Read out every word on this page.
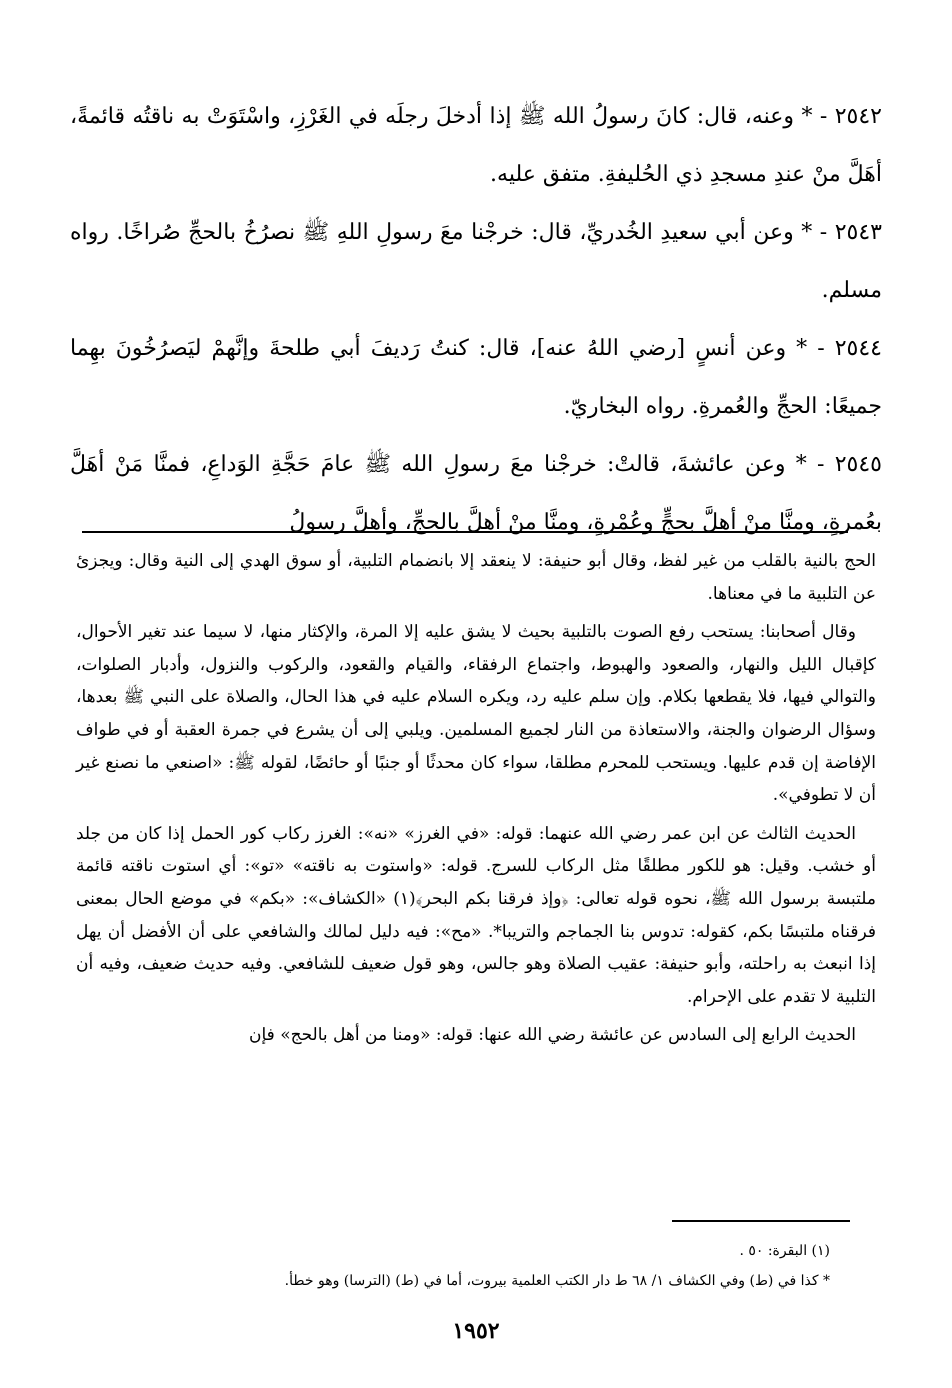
٢٥٤٢ - * وعنه، قال: كانَ رسولُ الله ﷺ إذا أدخلَ رجلَه في الغَرْزِ، واسْتَوَتْ به ناقتُه قائمةً، أهَلَّ منْ عندِ مسجدِ ذي الحُليفةِ. متفق عليه.

٢٥٤٣ - * وعن أبي سعيدِ الخُدريِّ، قال: خرجْنا معَ رسولِ اللهِ ﷺ نصرُخُ بالحجِّ صُراخًا. رواه مسلم.

٢٥٤٤ - * وعن أنسٍ [رضي اللهُ عنه]، قال: كنتُ رَديفَ أبي طلحةَ وإنَّهمْ ليَصرُخُونَ بهِما جميعًا: الحجِّ والعُمرةِ. رواه البخاريّ.

٢٥٤٥ - * وعن عائشةَ، قالتْ: خرجْنا معَ رسولِ الله ﷺ عامَ حَجَّةِ الوَداعِ، فمنَّا مَنْ أهَلَّ بعُمرةٍ، ومنَّا منْ أهلَّ بحجٍّ وعُمْرةٍ، ومنَّا منْ أهلَّ بالحجِّ، وأهلَّ رسولُ

الحج بالنية بالقلب من غير لفظ، وقال أبو حنيفة: لا ينعقد إلا بانضمام التلبية، أو سوق الهدي إلى النية وقال: ويجزئ عن التلبية ما في معناها.

وقال أصحابنا: يستحب رفع الصوت بالتلبية بحيث لا يشق عليه إلا المرة، والإكثار منها، لا سيما عند تغير الأحوال، كإقبال الليل والنهار، والصعود والهبوط، واجتماع الرفقاء، والقيام والقعود، والركوب والنزول، وأدبار الصلوات، والتوالي فيها، فلا يقطعها بكلام. وإن سلم عليه رد، ويكره السلام عليه في هذا الحال، والصلاة على النبي ﷺ بعدها، وسؤال الرضوان والجنة، والاستعاذة من النار لجميع المسلمين. ويلبي إلى أن يشرع في جمرة العقبة أو في طواف الإفاضة إن قدم عليها. ويستحب للمحرم مطلقا، سواء كان محدثًا أو جنبًا أو حائضًا، لقوله ﷺ: «اصنعي ما نصنع غير أن لا تطوفي».

الحديث الثالث عن ابن عمر رضي الله عنهما: قوله: «في الغرز» «نه»: الغرز ركاب كور الحمل إذا كان من جلد أو خشب. وقيل: هو للكور مطلقًا مثل الركاب للسرج. قوله: «واستوت به ناقته» «تو»: أي استوت ناقته قائمة ملتبسة برسول الله ﷺ، نحوه قوله تعالى: ﴿وإذ فرقنا بكم البحر﴾(١) «الكشاف»: «بكم» في موضع الحال بمعنى فرقناه ملتبسًا بكم، كقوله: تدوس بنا الجماجم والتريبا*. «مح»: فيه دليل لمالك والشافعي على أن الأفضل أن يهل إذا انبعث به راحلته، وأبو حنيفة: عقيب الصلاة وهو جالس، وهو قول ضعيف للشافعي. وفيه حديث ضعيف، وفيه أن التلبية لا تقدم على الإحرام.

الحديث الرابع إلى السادس عن عائشة رضي الله عنها: قوله: «ومنا من أهل بالحج» فإن

(١) البقرة: ٥٠ .

* كذا في (ط) وفي الكشاف ١/ ٦٨ ط دار الكتب العلمية بيروت، أما في (ط) (الترسا) وهو خطأ.

١٩٥٢
